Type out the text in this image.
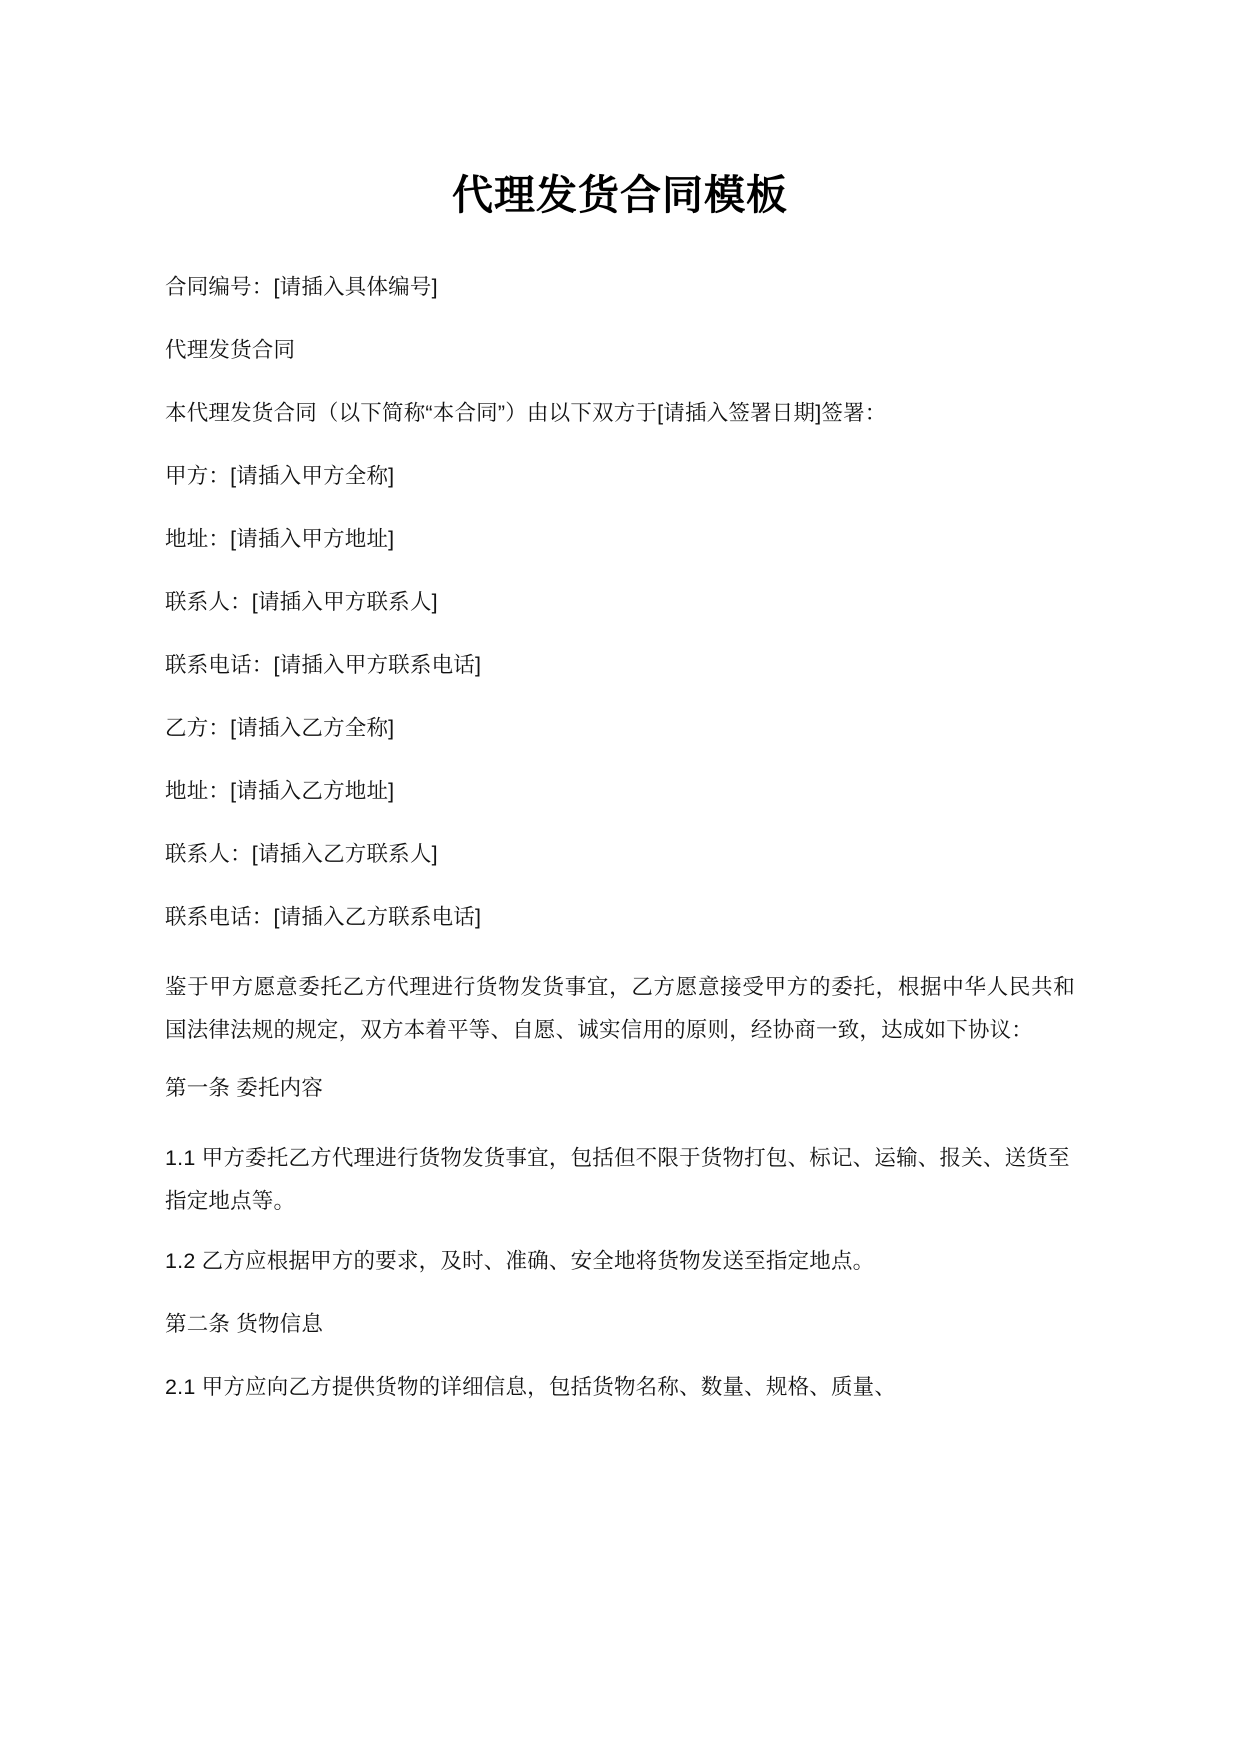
代理发货合同模板

合同编号：[请插入具体编号]

代理发货合同

本代理发货合同（以下简称“本合同”）由以下双方于[请插入签署日期]签署：

甲方：[请插入甲方全称]

地址：[请插入甲方地址]

联系人：[请插入甲方联系人]

联系电话：[请插入甲方联系电话]

乙方：[请插入乙方全称]

地址：[请插入乙方地址]

联系人：[请插入乙方联系人]

联系电话：[请插入乙方联系电话]

鉴于甲方愿意委托乙方代理进行货物发货事宜，乙方愿意接受甲方的委托，根据中华人民共和国法律法规的规定，双方本着平等、自愿、诚实信用的原则，经协商一致，达成如下协议：

第一条 委托内容

1.1 甲方委托乙方代理进行货物发货事宜，包括但不限于货物打包、标记、运输、报关、送货至指定地点等。

1.2 乙方应根据甲方的要求，及时、准确、安全地将货物发送至指定地点。

第二条 货物信息

2.1 甲方应向乙方提供货物的详细信息，包括货物名称、数量、规格、质量、
